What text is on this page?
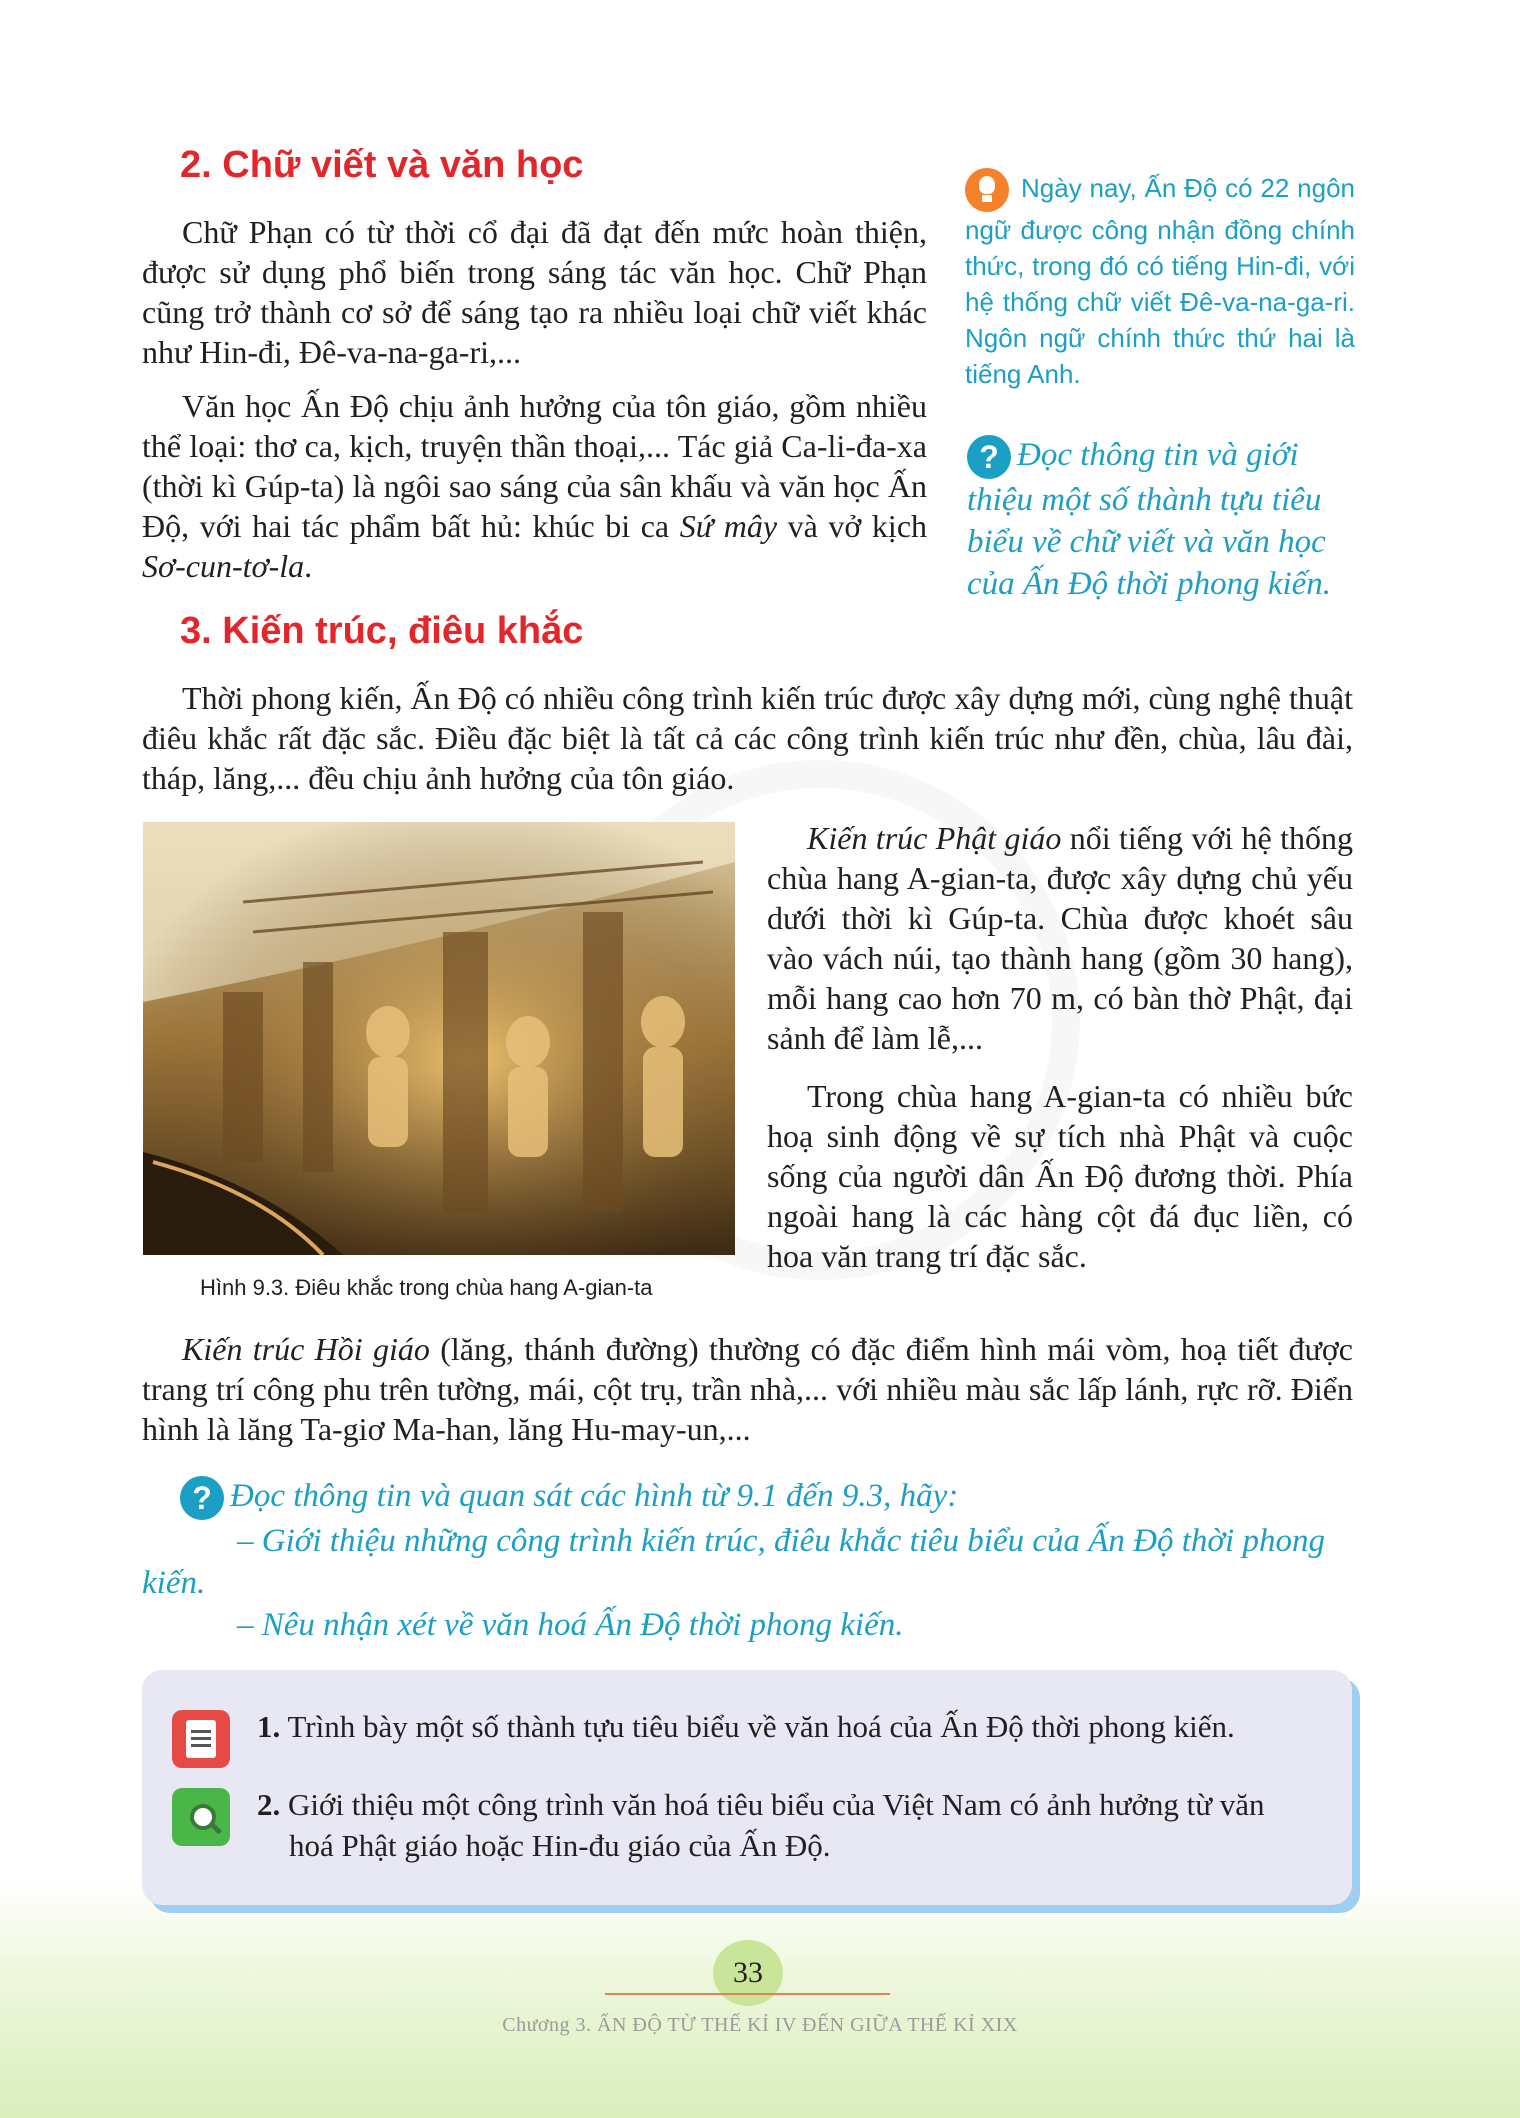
2. Chữ viết và văn học

Chữ Phạn có từ thời cổ đại đã đạt đến mức hoàn thiện, được sử dụng phổ biến trong sáng tác văn học. Chữ Phạn cũng trở thành cơ sở để sáng tạo ra nhiều loại chữ viết khác như Hin-đi, Đê-va-na-ga-ri,...

Văn học Ấn Độ chịu ảnh hưởng của tôn giáo, gồm nhiều thể loại: thơ ca, kịch, truyện thần thoại,... Tác giả Ca-li-đa-xa (thời kì Gúp-ta) là ngôi sao sáng của sân khấu và văn học Ấn Độ, với hai tác phẩm bất hủ: khúc bi ca Sứ mây và vở kịch Sơ-cun-tơ-la.

Ngày nay, Ấn Độ có 22 ngôn ngữ được công nhận đồng chính thức, trong đó có tiếng Hin-đi, với hệ thống chữ viết Đê-va-na-ga-ri. Ngôn ngữ chính thức thứ hai là tiếng Anh.
? Đọc thông tin và giới thiệu một số thành tựu tiêu biểu về chữ viết và văn học của Ấn Độ thời phong kiến.
3. Kiến trúc, điêu khắc

Thời phong kiến, Ấn Độ có nhiều công trình kiến trúc được xây dựng mới, cùng nghệ thuật điêu khắc rất đặc sắc. Điều đặc biệt là tất cả các công trình kiến trúc như đền, chùa, lâu đài, tháp, lăng,... đều chịu ảnh hưởng của tôn giáo.

Hình 9.3. Điêu khắc trong chùa hang A-gian-ta

Kiến trúc Phật giáo nổi tiếng với hệ thống chùa hang A-gian-ta, được xây dựng chủ yếu dưới thời kì Gúp-ta. Chùa được khoét sâu vào vách núi, tạo thành hang (gồm 30 hang), mỗi hang cao hơn 70 m, có bàn thờ Phật, đại sảnh để làm lễ,...

Trong chùa hang A-gian-ta có nhiều bức hoạ sinh động về sự tích nhà Phật và cuộc sống của người dân Ấn Độ đương thời. Phía ngoài hang là các hàng cột đá đục liền, có hoa văn trang trí đặc sắc.

Kiến trúc Hồi giáo (lăng, thánh đường) thường có đặc điểm hình mái vòm, hoạ tiết được trang trí công phu trên tường, mái, cột trụ, trần nhà,... với nhiều màu sắc lấp lánh, rực rỡ. Điển hình là lăng Ta-giơ Ma-han, lăng Hu-may-un,...

? Đọc thông tin và quan sát các hình từ 9.1 đến 9.3, hãy:
– Giới thiệu những công trình kiến trúc, điêu khắc tiêu biểu của Ấn Độ thời phong kiến.
– Nêu nhận xét về văn hoá Ấn Độ thời phong kiến.
1. Trình bày một số thành tựu tiêu biểu về văn hoá của Ấn Độ thời phong kiến.
2. Giới thiệu một công trình văn hoá tiêu biểu của Việt Nam có ảnh hưởng từ văn hoá Phật giáo hoặc Hin-đu giáo của Ấn Độ.
33
Chương 3. ẤN ĐỘ TỪ THẾ KỈ IV ĐẾN GIỮA THẾ KỈ XIX
